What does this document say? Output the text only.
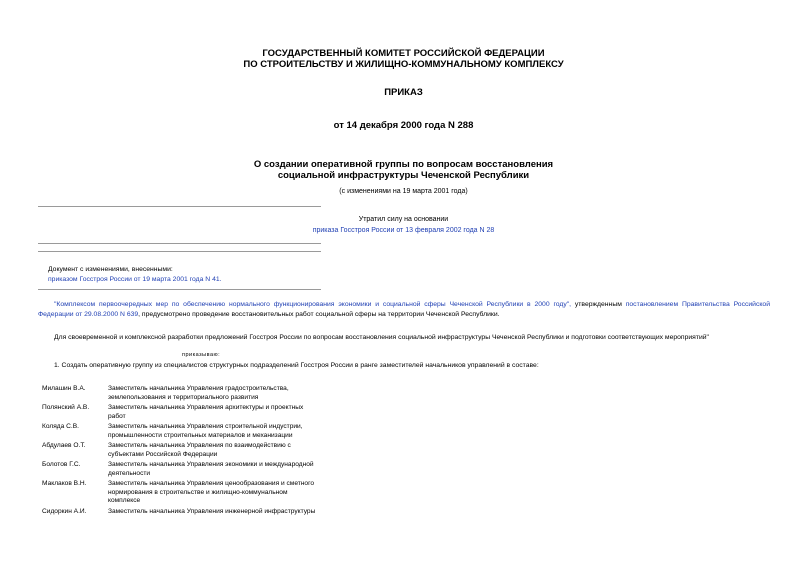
ГОСУДАРСТВЕННЫЙ КОМИТЕТ РОССИЙСКОЙ ФЕДЕРАЦИИ
ПО СТРОИТЕЛЬСТВУ И ЖИЛИЩНО-КОММУНАЛЬНОМУ КОМПЛЕКСУ
ПРИКАЗ
от 14 декабря 2000 года N 288
О создании оперативной группы по вопросам восстановления
социальной инфраструктуры Чеченской Республики
(с изменениями на 19 марта 2001 года)
Утратил силу на основании
приказа Госстроя России от 13 февраля 2002 года N 28
Документ с изменениями, внесенными:
приказом Госстроя России от 19 марта 2001 года N 41.
"Комплексом первоочередных мер по обеспечению нормального функционирования экономики и социальной сферы Чеченской Республики в 2000 году", утвержденным постановлением Правительства Российской Федерации от 29.08.2000 N 639, предусмотрено проведение восстановительных работ социальной сферы на территории Чеченской Республики.
Для своевременной и комплексной разработки предложений Госстроя России по вопросам восстановления социальной инфраструктуры Чеченской Республики и подготовки соответствующих мероприятий"
приказываю:
1. Создать оперативную группу из специалистов структурных подразделений Госстроя России в ранге заместителей начальников управлений в составе:
Милашин В.А.	Заместитель начальника Управления градостроительства, землепользования и территориального развития
Полянский А.В.	Заместитель начальника Управления архитектуры и проектных работ
Коляда С.В.	Заместитель начальника Управления строительной индустрии, промышленности строительных материалов и механизации
Абдулаев О.Т.	Заместитель начальника Управления по взаимодействию с субъектами Российской Федерации
Болотов Г.С.	Заместитель начальника Управления экономики и международной деятельности
Маклаков В.Н.	Заместитель начальника Управления ценообразования и сметного нормирования в строительстве и жилищно-коммунальном комплексе
Сидоркин А.И.	Заместитель начальника Управления инженерной инфраструктуры
